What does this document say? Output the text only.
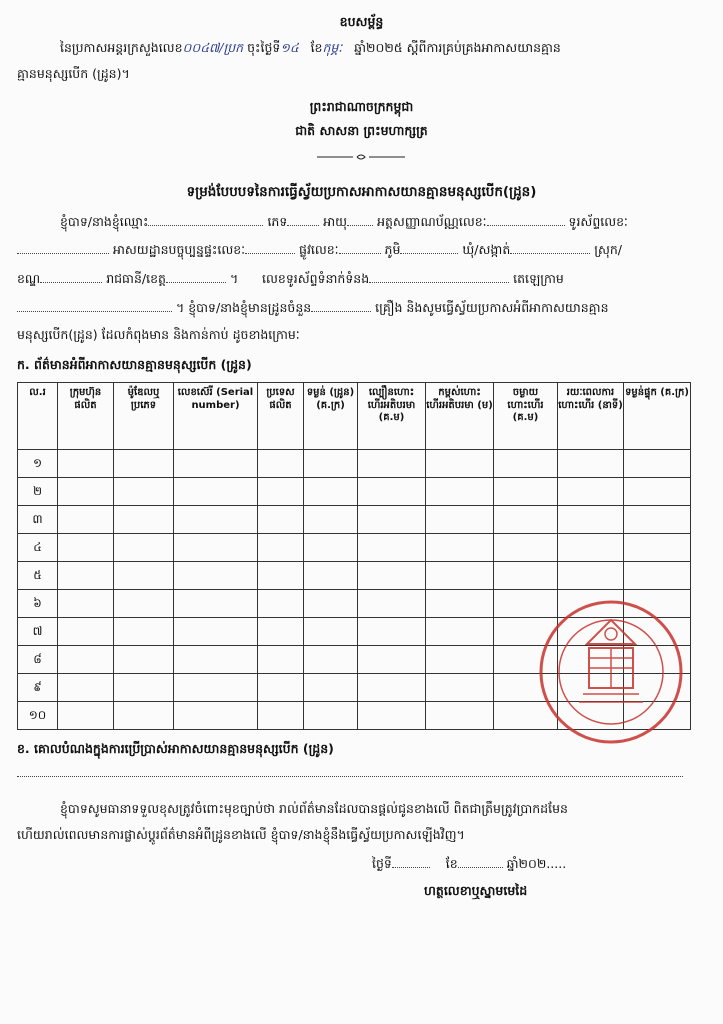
ឧបសម្ព័ន្ធ
នៃប្រកាសអន្តរក្រសួងលេខ០០៤៧/ប្រក ចុះថ្ងៃទី១៤ ខែកុម្ភៈ ឆ្នាំ២០២៥ ស្តីពីការគ្រប់គ្រងអាកាសយានគ្មាន
គ្មានមនុស្សបើក (ដ្រូន)។
ព្រះរាជាណាចក្រកម្ពុជា
ជាតិ សាសនា ព្រះមហាក្សត្រ
ទម្រង់បែបបទនៃការធ្វើស្វ័យប្រកាសអាកាសយានគ្មានមនុស្សបើក(ដ្រូន)
ខ្ញុំបាទ/នាងខ្ញុំឈ្មោះ	ភេទ	អាយុ អត្តសញ្ញាណប័ណ្ណលេខៈ	ទូរស័ព្ទលេខៈ
អាសយដ្ឋានបច្ចុប្បន្នផ្ទះលេខៈ	ផ្លូវលេខៈ	ភូមិ	ឃុំ/សង្កាត់	ស្រុក/
ខណ្ឌ	រាជធានី/ខេត្ត	។ លេខទូរស័ព្ទទំនាក់ទំនង	តេឡេក្រាម
។ ខ្ញុំបាទ/នាងខ្ញុំមានដ្រូនចំនួន	គ្រឿង និងសូមធ្វើស្វ័យប្រកាសអំពីអាកាសយានគ្មាន
មនុស្សបើក(ដ្រូន) ដែលកំពុងមាន និងកាន់កាប់ ដូចខាងក្រោមៈ
ក. ព័ត៌មានអំពីអាកាសយានគ្មានមនុស្សបើក (ដ្រូន)
ល.រ	ក្រុមហ៊ុន ផលិត	ម៉ូឌែលឬ ប្រភេទ	លេខស៊េរី (Serial number)	ប្រទេស ផលិត	ទម្ងន់ (ដ្រូន) (គ.ក្រ)	ល្បឿនហោះ ហើរអតិបរមា (គ.ម)	កម្ពស់ហោះ ហើរអតិបរមា (ម)	ចម្ងាយ ហោះហើរ (គ.ម)	រយៈពេលការ ហោះហើរ (នាទី)	ទម្ងន់ផ្ទុក (គ.ក្រ)
១										
២										
៣										
៤										
៥										
៦										
៧										
៨										
៩										
១០										
ខ. គោលបំណងក្នុងការប្រើប្រាស់អាកាសយានគ្មានមនុស្សបើក (ដ្រូន)
ខ្ញុំបាទសូមធានាទទួលខុសត្រូវចំពោះមុខច្បាប់ថា រាល់ព័ត៌មានដែលបានផ្តល់ជូនខាងលើ ពិតជាត្រឹមត្រូវប្រាកដមែន
ហើយរាល់ពេលមានការផ្លាស់ប្តូរព័ត៌មានអំពីដ្រូនខាងលើ ខ្ញុំបាទ/នាងខ្ញុំនឹងធ្វើស្វ័យប្រកាសឡើងវិញ។
ថ្ងៃទី	ខែ	ឆ្នាំ២០២.....
ហត្ថលេខាឬស្នាមមេដៃ
